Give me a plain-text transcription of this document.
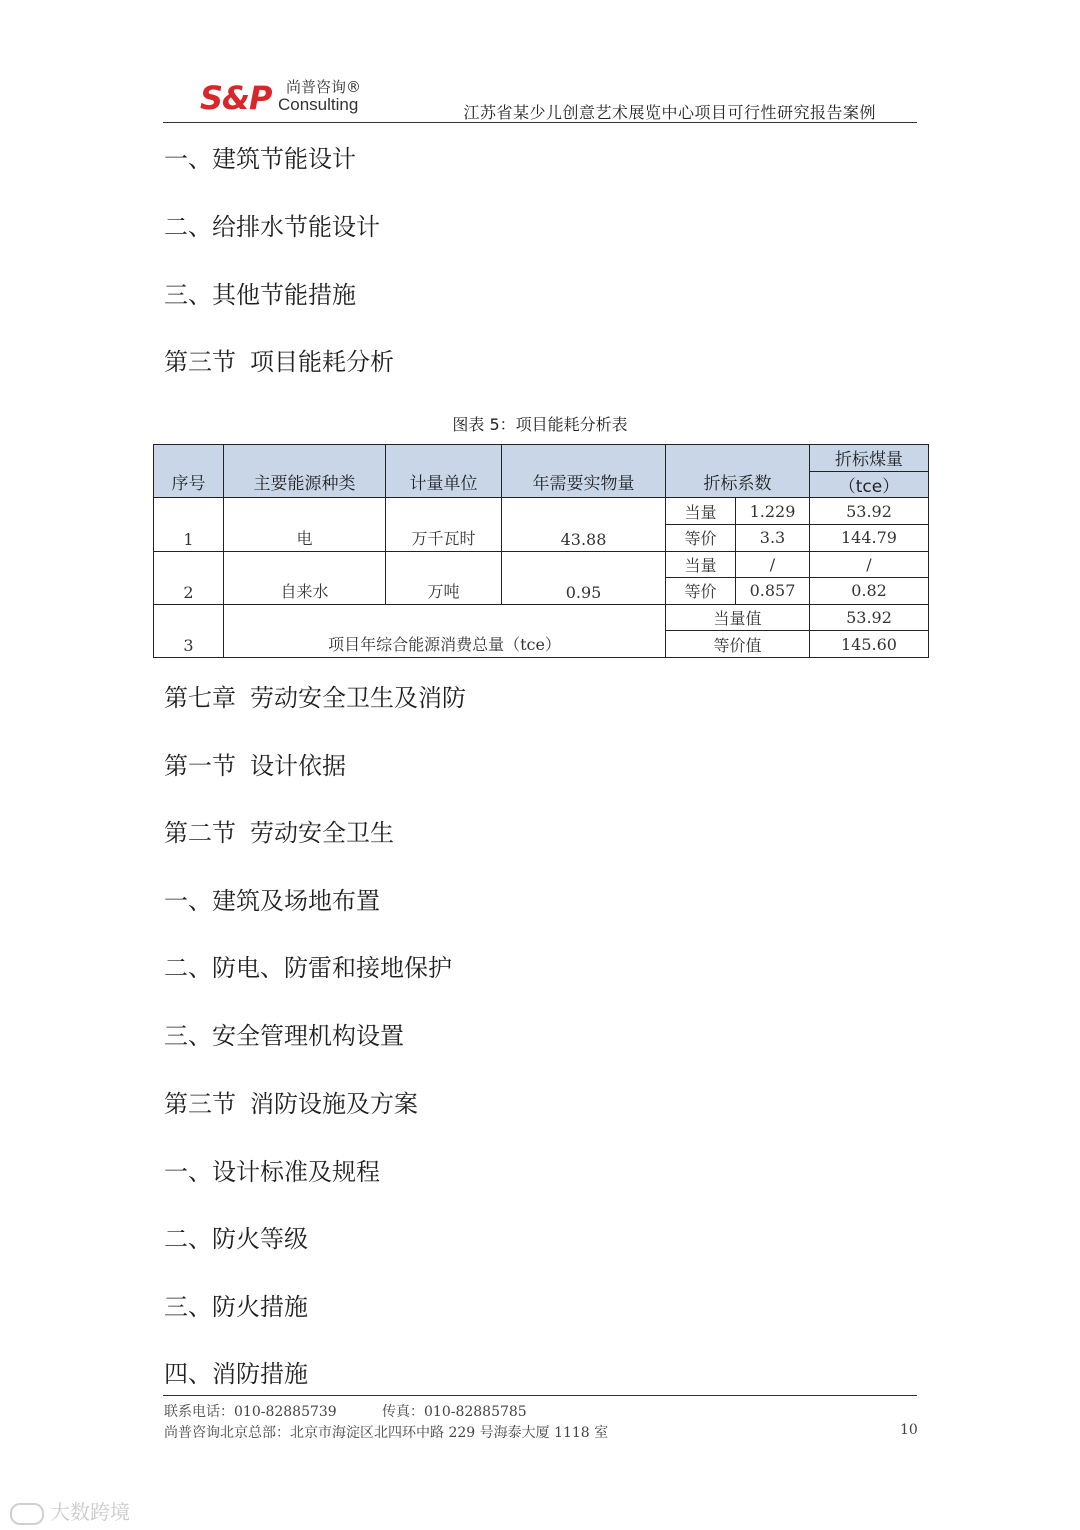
S&P 尚普咨询®
Consulting	江苏省某少儿创意艺术展览中心项目可行性研究报告案例
一、建筑节能设计
二、给排水节能设计
三、其他节能措施
第三节 项目能耗分析
图表 5：项目能耗分析表
序号	主要能源种类	计量单位	年需要实物量	折标系数		折标煤量
						（tce）
1	电	万千瓦时	43.88	当量	1.229	53.92
				等价	3.3	144.79
2	自来水	万吨	0.95	当量	/	/
				等价	0.857	0.82
3	项目年综合能源消费总量（tce）			当量值		53.92
				等价值		145.60
第七章 劳动安全卫生及消防
第一节 设计依据
第二节 劳动安全卫生
一、建筑及场地布置
二、防电、防雷和接地保护
三、安全管理机构设置
第三节 消防设施及方案
一、设计标准及规程
二、防火等级
三、防火措施
四、消防措施
联系电话：010-82885739	传真：010-82885785
尚普咨询北京总部：北京市海淀区北四环中路 229 号海泰大厦 1118 室	10
大数跨境
